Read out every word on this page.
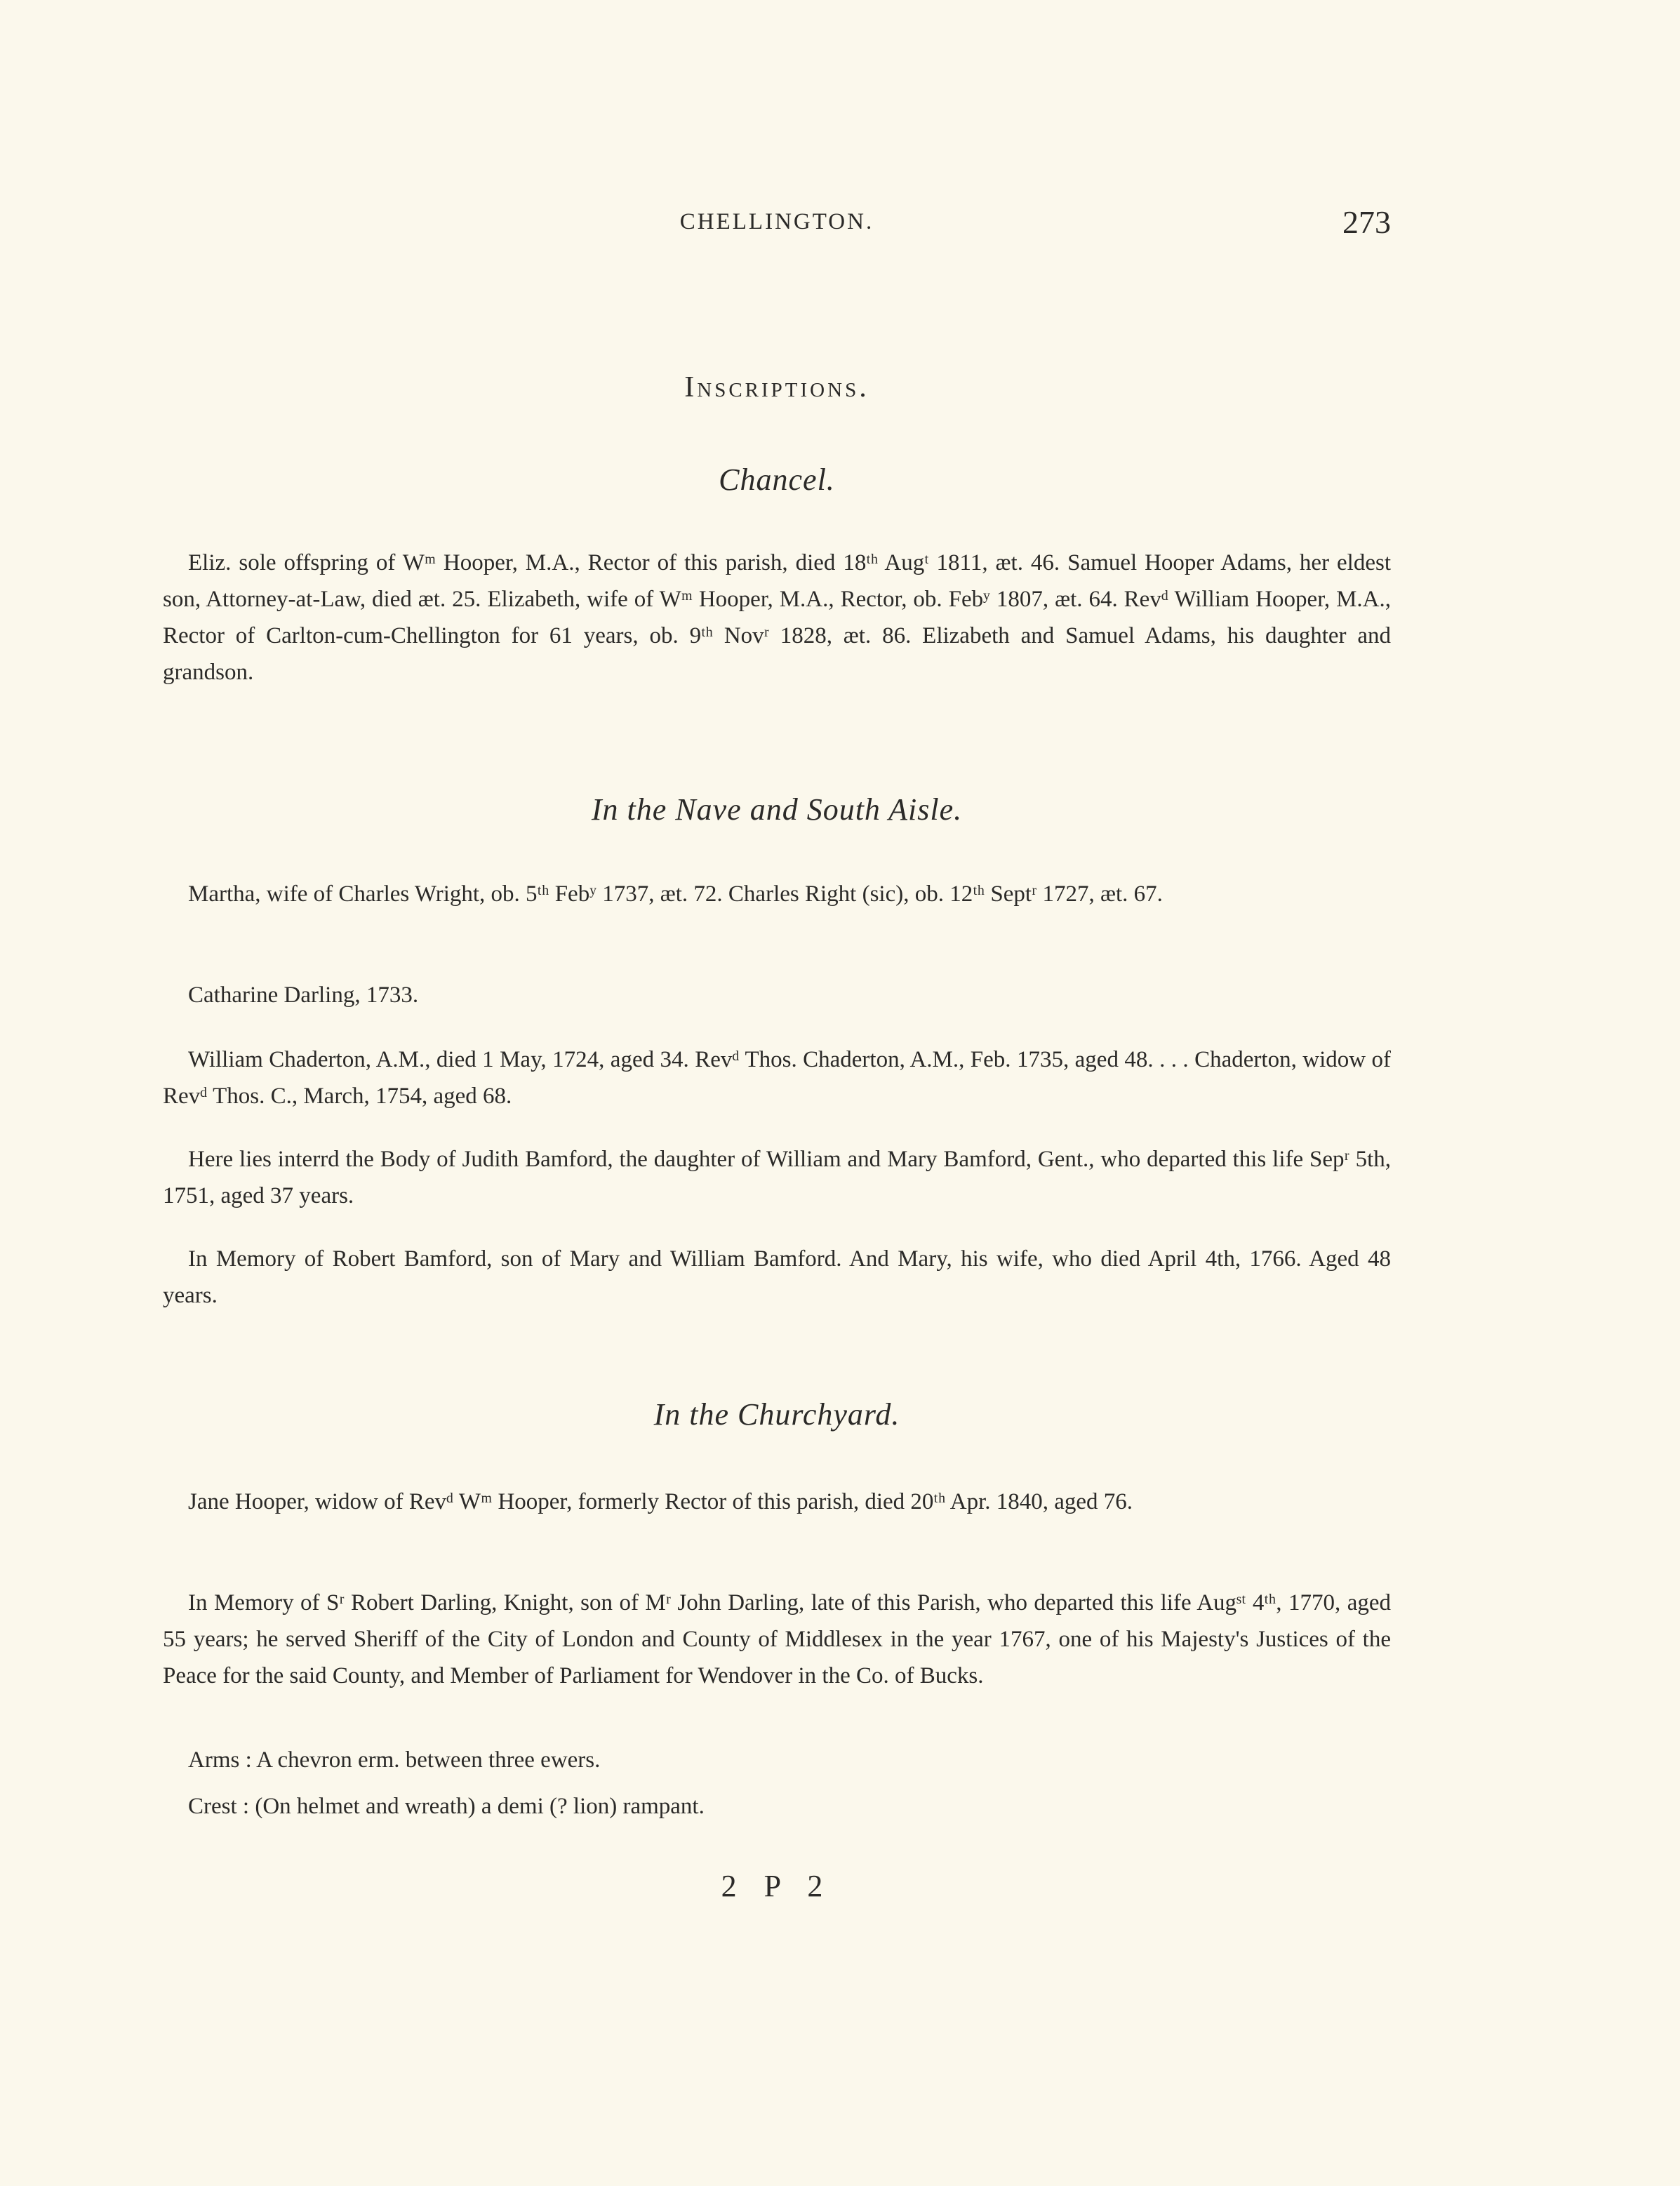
CHELLINGTON.	273
Inscriptions.
Chancel.

Eliz. sole offspring of Wᵐ Hooper, M.A., Rector of this parish, died 18ᵗʰ Augᵗ 1811, æt. 46. Samuel Hooper Adams, her eldest son, Attorney-at-Law, died æt. 25. Elizabeth, wife of Wᵐ Hooper, M.A., Rector, ob. Febʸ 1807, æt. 64. Revᵈ William Hooper, M.A., Rector of Carlton-cum-Chellington for 61 years, ob. 9ᵗʰ Novʳ 1828, æt. 86. Elizabeth and Samuel Adams, his daughter and grandson.

In the Nave and South Aisle.

Martha, wife of Charles Wright, ob. 5ᵗʰ Febʸ 1737, æt. 72. Charles Right (sic), ob. 12ᵗʰ Septʳ 1727, æt. 67.

Catharine Darling, 1733.

William Chaderton, A.M., died 1 May, 1724, aged 34. Revᵈ Thos. Chaderton, A.M., Feb. 1735, aged 48. . . . Chaderton, widow of Revᵈ Thos. C., March, 1754, aged 68.

Here lies interrd the Body of Judith Bamford, the daughter of William and Mary Bamford, Gent., who departed this life Sepʳ 5th, 1751, aged 37 years.

In Memory of Robert Bamford, son of Mary and William Bamford. And Mary, his wife, who died April 4th, 1766. Aged 48 years.

In the Churchyard.

Jane Hooper, widow of Revᵈ Wᵐ Hooper, formerly Rector of this parish, died 20ᵗʰ Apr. 1840, aged 76.

In Memory of Sʳ Robert Darling, Knight, son of Mʳ John Darling, late of this Parish, who departed this life Augˢᵗ 4ᵗʰ, 1770, aged 55 years; he served Sheriff of the City of London and County of Middlesex in the year 1767, one of his Majesty's Justices of the Peace for the said County, and Member of Parliament for Wendover in the Co. of Bucks.

Arms : A chevron erm. between three ewers.
Crest : (On helmet and wreath) a demi (? lion) rampant.
2 P 2
